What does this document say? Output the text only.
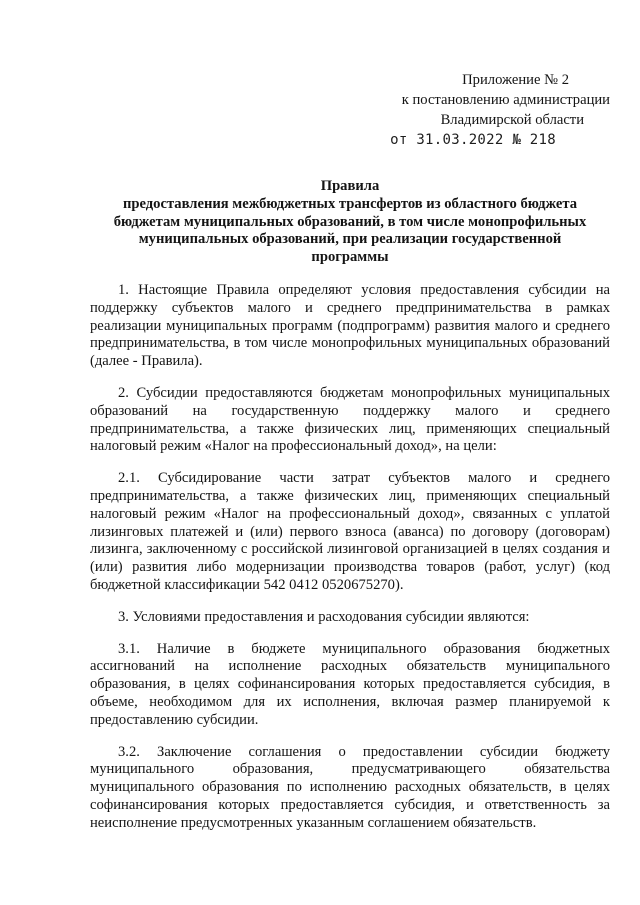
Приложение № 2
к постановлению администрации
Владимирской области
от 31.03.2022 № 218
Правила
предоставления межбюджетных трансфертов из областного бюджета
бюджетам муниципальных образований, в том числе монопрофильных
муниципальных образований, при реализации государственной
программы

1. Настоящие Правила определяют условия предоставления субсидии на поддержку субъектов малого и среднего предпринимательства в рамках реализации муниципальных программ (подпрограмм) развития малого и среднего предпринимательства, в том числе монопрофильных муниципальных образований (далее - Правила).

2. Субсидии предоставляются бюджетам монопрофильных муниципальных образований на государственную поддержку малого и среднего предпринимательства, а также физических лиц, применяющих специальный налоговый режим «Налог на профессиональный доход», на цели:

2.1. Субсидирование части затрат субъектов малого и среднего предпринимательства, а также физических лиц, применяющих специальный налоговый режим «Налог на профессиональный доход», связанных с уплатой лизинговых платежей и (или) первого взноса (аванса) по договору (договорам) лизинга, заключенному с российской лизинговой организацией в целях создания и (или) развития либо модернизации производства товаров (работ, услуг) (код бюджетной классификации 542 0412 0520675270).

3. Условиями предоставления и расходования субсидии являются:

3.1. Наличие в бюджете муниципального образования бюджетных ассигнований на исполнение расходных обязательств муниципального образования, в целях софинансирования которых предоставляется субсидия, в объеме, необходимом для их исполнения, включая размер планируемой к предоставлению субсидии.

3.2. Заключение соглашения о предоставлении субсидии бюджету муниципального образования, предусматривающего обязательства муниципального образования по исполнению расходных обязательств, в целях софинансирования которых предоставляется субсидия, и ответственность за неисполнение предусмотренных указанным соглашением обязательств.
